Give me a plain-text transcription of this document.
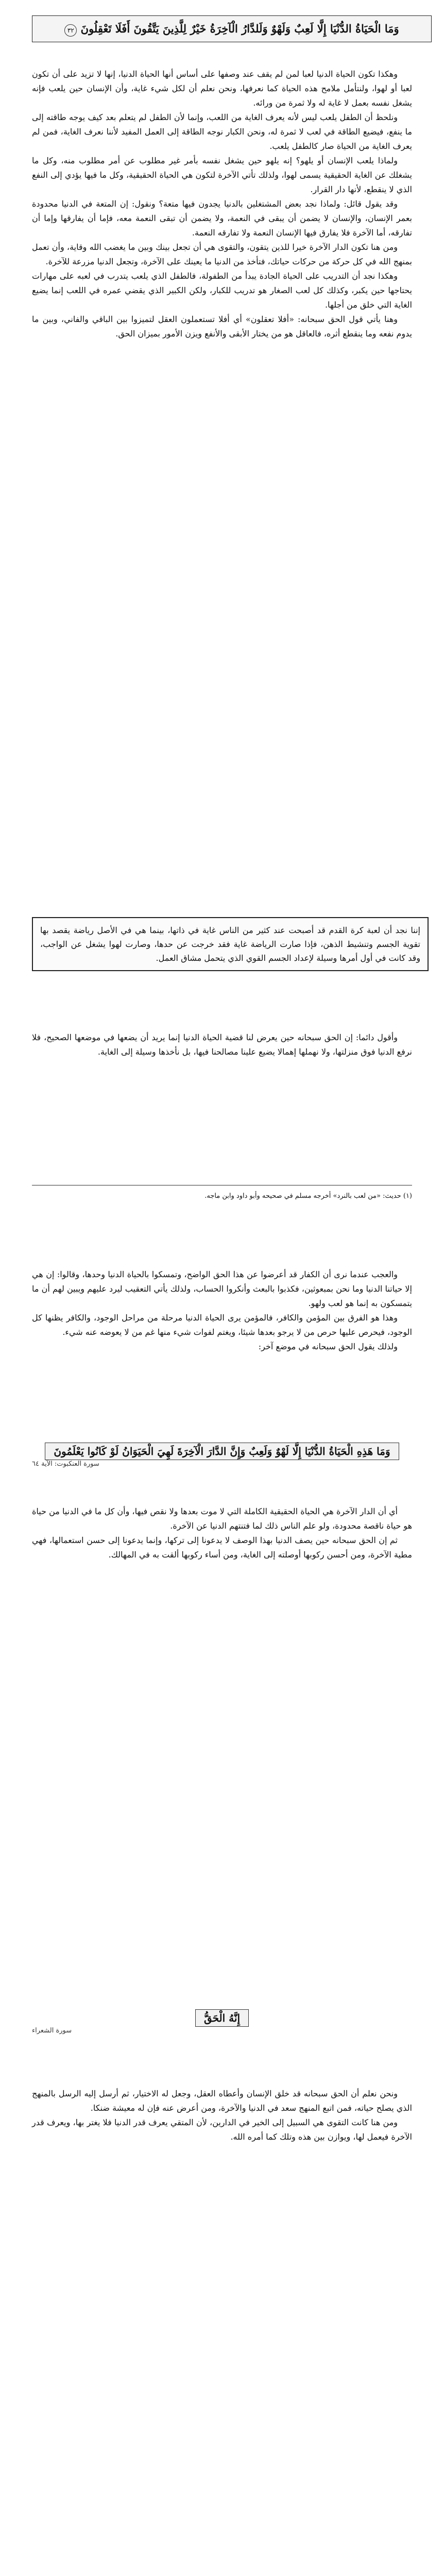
وَمَا الْحَيَاةُ الدُّنْيَا إِلَّا لَعِبٌ وَلَهْوٌ وَلَلدَّارُ الْآخِرَةُ خَيْرٌ لِلَّذِينَ يَتَّقُونَ أَفَلَا تَعْقِلُونَ ٣٢

وهكذا تكون الحياة الدنيا لعبا لمن لم يقف عند وصفها على أساس أنها الحياة الدنيا، إنها لا تزيد على أن تكون لعبا أو لهوا، ولنتأمل ملامح هذه الحياة كما نعرفها، ونحن نعلم أن لكل شيء غاية، وأن الإنسان حين يلعب فإنه يشغل نفسه بعمل لا غاية له ولا ثمرة من ورائه.

ونلحظ أن الطفل يلعب ليس لأنه يعرف الغاية من اللعب، وإنما لأن الطفل لم يتعلم بعد كيف يوجه طاقته إلى ما ينفع، فيضيع الطاقة في لعب لا ثمرة له، ونحن الكبار نوجه الطاقة إلى العمل المفيد لأننا نعرف الغاية، فمن لم يعرف الغاية من الحياة صار كالطفل يلعب.

ولماذا يلعب الإنسان أو يلهو؟ إنه يلهو حين يشغل نفسه بأمر غير مطلوب عن أمر مطلوب منه، وكل ما يشغلك عن الغاية الحقيقية يسمى لهوا، ولذلك تأتي الآخرة لتكون هي الحياة الحقيقية، وكل ما فيها يؤدي إلى النفع الذي لا ينقطع، لأنها دار القرار.

وقد يقول قائل: ولماذا نجد بعض المشتغلين بالدنيا يجدون فيها متعة؟ ونقول: إن المتعة في الدنيا محدودة بعمر الإنسان، والإنسان لا يضمن أن يبقى في النعمة، ولا يضمن أن تبقى النعمة معه، فإما أن يفارقها وإما أن تفارقه، أما الآخرة فلا يفارق فيها الإنسان النعمة ولا تفارقه النعمة.

ومن هنا تكون الدار الآخرة خيرا للذين يتقون، والتقوى هي أن تجعل بينك وبين ما يغضب الله وقاية، وأن تعمل بمنهج الله في كل حركة من حركات حياتك، فتأخذ من الدنيا ما يعينك على الآخرة، وتجعل الدنيا مزرعة للآخرة.

وهكذا نجد أن التدريب على الحياة الجادة يبدأ من الطفولة، فالطفل الذي يلعب يتدرب في لعبه على مهارات يحتاجها حين يكبر، وكذلك كل لعب الصغار هو تدريب للكبار، ولكن الكبير الذي يقضي عمره في اللعب إنما يضيع الغاية التي خلق من أجلها.

وهنا يأتي قول الحق سبحانه: «أفلا تعقلون» أي أفلا تستعملون العقل لتميزوا بين الباقي والفاني، وبين ما يدوم نفعه وما ينقطع أثره، فالعاقل هو من يختار الأبقى والأنفع ويزن الأمور بميزان الحق.

إننا نجد أن لعبة كرة القدم قد أصبحت عند كثير من الناس غاية في ذاتها، بينما هي في الأصل رياضة يقصد بها تقوية الجسم وتنشيط الذهن، فإذا صارت الرياضة غاية فقد خرجت عن حدها، وصارت لهوا يشغل عن الواجب، وقد كانت في أول أمرها وسيلة لإعداد الجسم القوي الذي يتحمل مشاق العمل.

وأقول دائما: إن الحق سبحانه حين يعرض لنا قضية الحياة الدنيا إنما يريد أن يضعها في موضعها الصحيح، فلا نرفع الدنيا فوق منزلتها، ولا نهملها إهمالا يضيع علينا مصالحنا فيها، بل نأخذها وسيلة إلى الغاية.

(١) حديث: «من لعب بالنرد» أخرجه مسلم في صحيحه وأبو داود وابن ماجه.

والعجب عندما نرى أن الكفار قد أعرضوا عن هذا الحق الواضح، وتمسكوا بالحياة الدنيا وحدها، وقالوا: إن هي إلا حياتنا الدنيا وما نحن بمبعوثين، فكذبوا بالبعث وأنكروا الحساب، ولذلك يأتي التعقيب ليرد عليهم ويبين لهم أن ما يتمسكون به إنما هو لعب ولهو.

وهذا هو الفرق بين المؤمن والكافر، فالمؤمن يرى الحياة الدنيا مرحلة من مراحل الوجود، والكافر يظنها كل الوجود، فيحرص عليها حرص من لا يرجو بعدها شيئا، ويغتم لفوات شيء منها غم من لا يعوضه عنه شيء.

ولذلك يقول الحق سبحانه في موضع آخر:

وَمَا هَذِهِ الْحَيَاةُ الدُّنْيَا إِلَّا لَهْوٌ وَلَعِبٌ وَإِنَّ الدَّارَ الْآخِرَةَ لَهِيَ الْحَيَوَانُ لَوْ كَانُوا يَعْلَمُونَ
سورة العنكبوت: الآية ٦٤

أي أن الدار الآخرة هي الحياة الحقيقية الكاملة التي لا موت بعدها ولا نقص فيها، وأن كل ما في الدنيا من حياة هو حياة ناقصة محدودة، ولو علم الناس ذلك لما فتنتهم الدنيا عن الآخرة.

ثم إن الحق سبحانه حين يصف الدنيا بهذا الوصف لا يدعونا إلى تركها، وإنما يدعونا إلى حسن استعمالها، فهي مطية الآخرة، ومن أحسن ركوبها أوصلته إلى الغاية، ومن أساء ركوبها ألقت به في المهالك.

إِنَّهُ الْحَقُّ
سورة الشعراء

ونحن نعلم أن الحق سبحانه قد خلق الإنسان وأعطاه العقل، وجعل له الاختيار، ثم أرسل إليه الرسل بالمنهج الذي يصلح حياته، فمن اتبع المنهج سعد في الدنيا والآخرة، ومن أعرض عنه فإن له معيشة ضنكا.

ومن هنا كانت التقوى هي السبيل إلى الخير في الدارين، لأن المتقي يعرف قدر الدنيا فلا يغتر بها، ويعرف قدر الآخرة فيعمل لها، ويوازن بين هذه وتلك كما أمره الله.
